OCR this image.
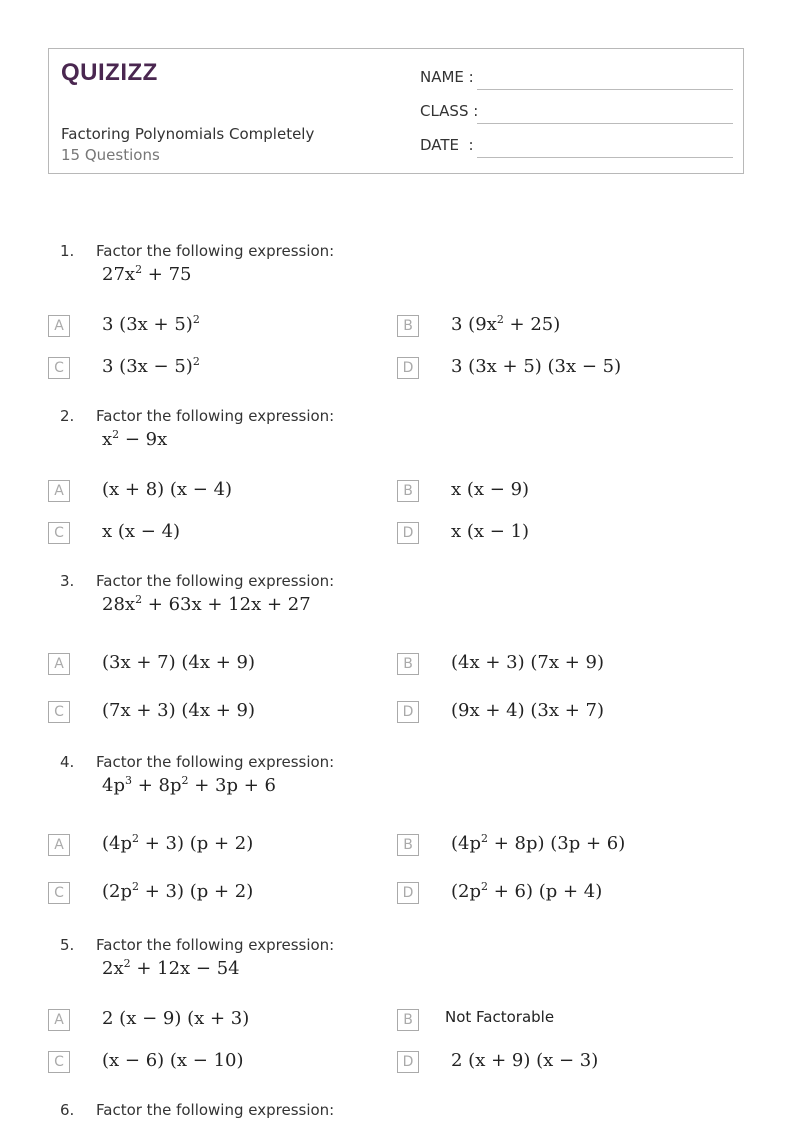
QUIZIZZ
Factoring Polynomials Completely
15 Questions
NAME :
CLASS :
DATE  :
1. Factor the following expression:
$27x^2 + 75$
A	3 $(3x + 5)^2$	B	3 $(9x^2 + 25)$
C	3 $(3x - 5)^2$	D	3 (3x + 5) (3x − 5)
2. Factor the following expression:
$x^2 - 9x$
A	(x + 8) (x − 4)	B	x (x − 9)
C	x (x − 4)	D	x (x − 1)
3. Factor the following expression:
$28x^2 + 63x + 12x + 27$
A	(3x + 7) (4x + 9)	B	(4x + 3) (7x + 9)
C	(7x + 3) (4x + 9)	D	(9x + 4) (3x + 7)
4. Factor the following expression:
$4p^3 + 8p^2 + 3p + 6$
A	$(4p^2 + 3) (p + 2)$	B	$(4p^2 + 8p) (3p + 6)$
C	$(2p^2 + 3) (p + 2)$	D	$(2p^2 + 6) (p + 4)$
5. Factor the following expression:
$2x^2 + 12x - 54$
A	2 (x − 9) (x + 3)	B	Not Factorable
C	(x − 6) (x − 10)	D	2 (x + 9) (x − 3)
6. Factor the following expression:
